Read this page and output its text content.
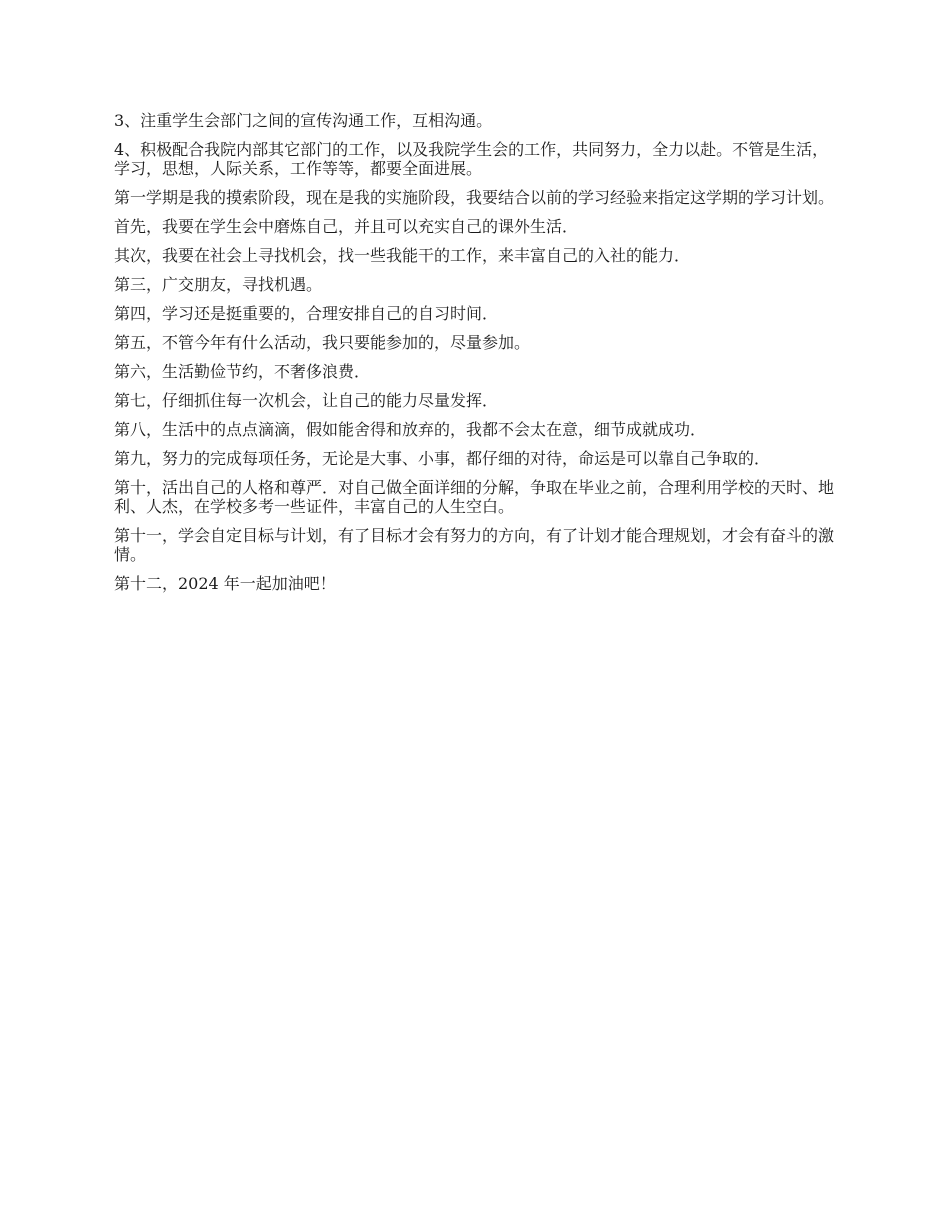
3、注重学生会部门之间的宣传沟通工作，互相沟通。

4、积极配合我院内部其它部门的工作，以及我院学生会的工作，共同努力，全力以赴。不管是生活，学习，思想，人际关系，工作等等，都要全面进展。

第一学期是我的摸索阶段，现在是我的实施阶段，我要结合以前的学习经验来指定这学期的学习计划。

首先，我要在学生会中磨炼自己，并且可以充实自己的课外生活．

其次，我要在社会上寻找机会，找一些我能干的工作，来丰富自己的入社的能力．

第三，广交朋友，寻找机遇。

第四，学习还是挺重要的，合理安排自己的自习时间．

第五，不管今年有什么活动，我只要能参加的，尽量参加。

第六，生活勤俭节约，不奢侈浪费．

第七，仔细抓住每一次机会，让自己的能力尽量发挥．

第八，生活中的点点滴滴，假如能舍得和放弃的，我都不会太在意，细节成就成功．

第九，努力的完成每项任务，无论是大事、小事，都仔细的对待，命运是可以靠自己争取的．

第十，活出自己的人格和尊严．对自己做全面详细的分解，争取在毕业之前，合理利用学校的天时、地利、人杰，在学校多考一些证件，丰富自己的人生空白。

第十一，学会自定目标与计划，有了目标才会有努力的方向，有了计划才能合理规划，才会有奋斗的激情。

第十二，2024 年一起加油吧！
